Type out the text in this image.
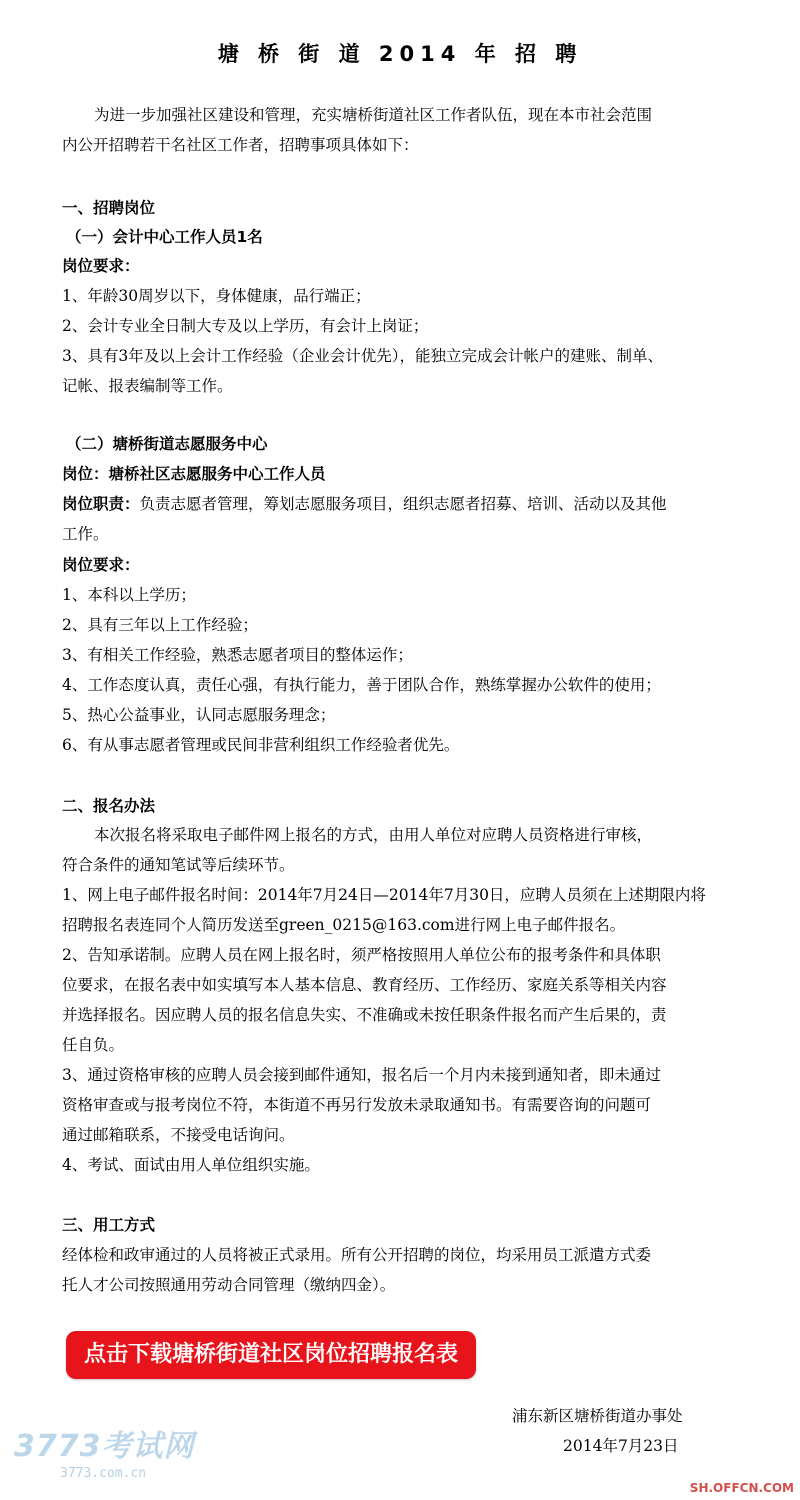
塘 桥 街 道 2014 年 招 聘
为进一步加强社区建设和管理，充实塘桥街道社区工作者队伍，现在本市社会范围
内公开招聘若干名社区工作者，招聘事项具体如下：
一、招聘岗位
（一）会计中心工作人员1名
岗位要求：
1、年龄30周岁以下，身体健康，品行端正；
2、会计专业全日制大专及以上学历，有会计上岗证；
3、具有3年及以上会计工作经验（企业会计优先），能独立完成会计帐户的建账、制单、
记帐、报表编制等工作。
（二）塘桥街道志愿服务中心
岗位：塘桥社区志愿服务中心工作人员
岗位职责：负责志愿者管理，筹划志愿服务项目，组织志愿者招募、培训、活动以及其他
工作。
岗位要求：
1、本科以上学历；
2、具有三年以上工作经验；
3、有相关工作经验，熟悉志愿者项目的整体运作；
4、工作态度认真，责任心强，有执行能力，善于团队合作，熟练掌握办公软件的使用；
5、热心公益事业，认同志愿服务理念；
6、有从事志愿者管理或民间非营利组织工作经验者优先。
二、报名办法
本次报名将采取电子邮件网上报名的方式，由用人单位对应聘人员资格进行审核，
符合条件的通知笔试等后续环节。
1、网上电子邮件报名时间：2014年7月24日—2014年7月30日，应聘人员须在上述期限内将
招聘报名表连同个人简历发送至green_0215@163.com进行网上电子邮件报名。
2、告知承诺制。应聘人员在网上报名时，须严格按照用人单位公布的报考条件和具体职
位要求，在报名表中如实填写本人基本信息、教育经历、工作经历、家庭关系等相关内容
并选择报名。因应聘人员的报名信息失实、不准确或未按任职条件报名而产生后果的，责
任自负。
3、通过资格审核的应聘人员会接到邮件通知，报名后一个月内未接到通知者，即未通过
资格审查或与报考岗位不符，本街道不再另行发放未录取通知书。有需要咨询的问题可
通过邮箱联系，不接受电话询问。
4、考试、面试由用人单位组织实施。
三、用工方式
经体检和政审通过的人员将被正式录用。所有公开招聘的岗位，均采用员工派遣方式委
托人才公司按照通用劳动合同管理（缴纳四金）。
点击下载塘桥街道社区岗位招聘报名表
浦东新区塘桥街道办事处
2014年7月23日
3773考试网
3773.com.cn
SH.OFFCN.COM
